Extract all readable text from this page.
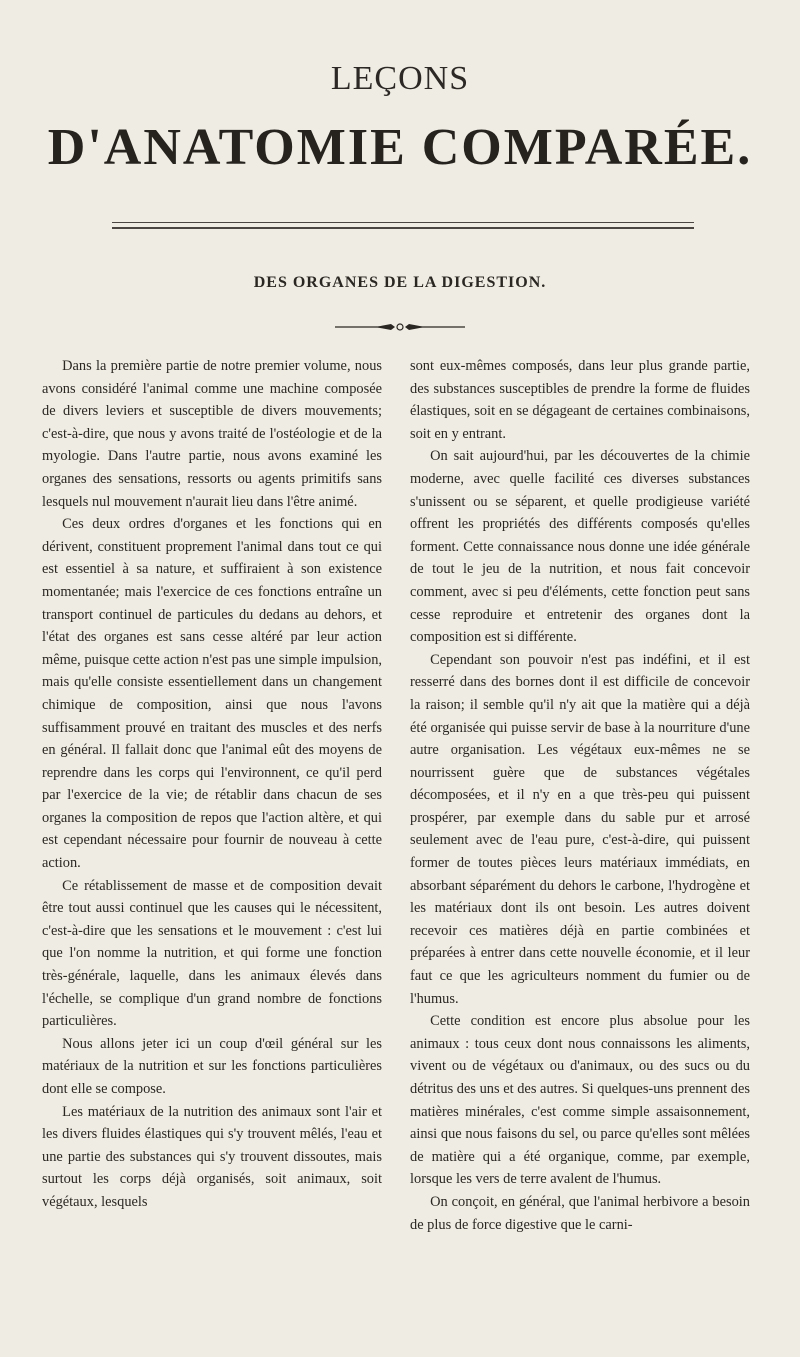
LEÇONS
D'ANATOMIE COMPARÉE.
DES ORGANES DE LA DIGESTION.

Dans la première partie de notre premier volume, nous avons considéré l'animal comme une machine composée de divers leviers et susceptible de divers mouvements; c'est-à-dire, que nous y avons traité de l'ostéologie et de la myologie. Dans l'autre partie, nous avons examiné les organes des sensations, ressorts ou agents primitifs sans lesquels nul mouvement n'aurait lieu dans l'être animé.

Ces deux ordres d'organes et les fonctions qui en dérivent, constituent proprement l'animal dans tout ce qui est essentiel à sa nature, et suffiraient à son existence momentanée; mais l'exercice de ces fonctions entraîne un transport continuel de particules du dedans au dehors, et l'état des organes est sans cesse altéré par leur action même, puisque cette action n'est pas une simple impulsion, mais qu'elle consiste essentiellement dans un changement chimique de composition, ainsi que nous l'avons suffisamment prouvé en traitant des muscles et des nerfs en général. Il fallait donc que l'animal eût des moyens de reprendre dans les corps qui l'environnent, ce qu'il perd par l'exercice de la vie; de rétablir dans chacun de ses organes la composition de repos que l'action altère, et qui est cependant nécessaire pour fournir de nouveau à cette action.

Ce rétablissement de masse et de composition devait être tout aussi continuel que les causes qui le nécessitent, c'est-à-dire que les sensations et le mouvement : c'est lui que l'on nomme la nutrition, et qui forme une fonction très-générale, laquelle, dans les animaux élevés dans l'échelle, se complique d'un grand nombre de fonctions particulières.

Nous allons jeter ici un coup d'œil général sur les matériaux de la nutrition et sur les fonctions particulières dont elle se compose.

Les matériaux de la nutrition des animaux sont l'air et les divers fluides élastiques qui s'y trouvent mêlés, l'eau et une partie des substances qui s'y trouvent dissoutes, mais surtout les corps déjà organisés, soit animaux, soit végétaux, lesquels

sont eux-mêmes composés, dans leur plus grande partie, des substances susceptibles de prendre la forme de fluides élastiques, soit en se dégageant de certaines combinaisons, soit en y entrant.

On sait aujourd'hui, par les découvertes de la chimie moderne, avec quelle facilité ces diverses substances s'unissent ou se séparent, et quelle prodigieuse variété offrent les propriétés des différents composés qu'elles forment. Cette connaissance nous donne une idée générale de tout le jeu de la nutrition, et nous fait concevoir comment, avec si peu d'éléments, cette fonction peut sans cesse reproduire et entretenir des organes dont la composition est si différente.

Cependant son pouvoir n'est pas indéfini, et il est resserré dans des bornes dont il est difficile de concevoir la raison; il semble qu'il n'y ait que la matière qui a déjà été organisée qui puisse servir de base à la nourriture d'une autre organisation. Les végétaux eux-mêmes ne se nourrissent guère que de substances végétales décomposées, et il n'y en a que très-peu qui puissent prospérer, par exemple dans du sable pur et arrosé seulement avec de l'eau pure, c'est-à-dire, qui puissent former de toutes pièces leurs matériaux immédiats, en absorbant séparément du dehors le carbone, l'hydrogène et les matériaux dont ils ont besoin. Les autres doivent recevoir ces matières déjà en partie combinées et préparées à entrer dans cette nouvelle économie, et il leur faut ce que les agriculteurs nomment du fumier ou de l'humus.

Cette condition est encore plus absolue pour les animaux : tous ceux dont nous connaissons les aliments, vivent ou de végétaux ou d'animaux, ou des sucs ou du détritus des uns et des autres. Si quelques-uns prennent des matières minérales, c'est comme simple assaisonnement, ainsi que nous faisons du sel, ou parce qu'elles sont mêlées de matière qui a été organique, comme, par exemple, lorsque les vers de terre avalent de l'humus.

On conçoit, en général, que l'animal herbivore a besoin de plus de force digestive que le carni-
